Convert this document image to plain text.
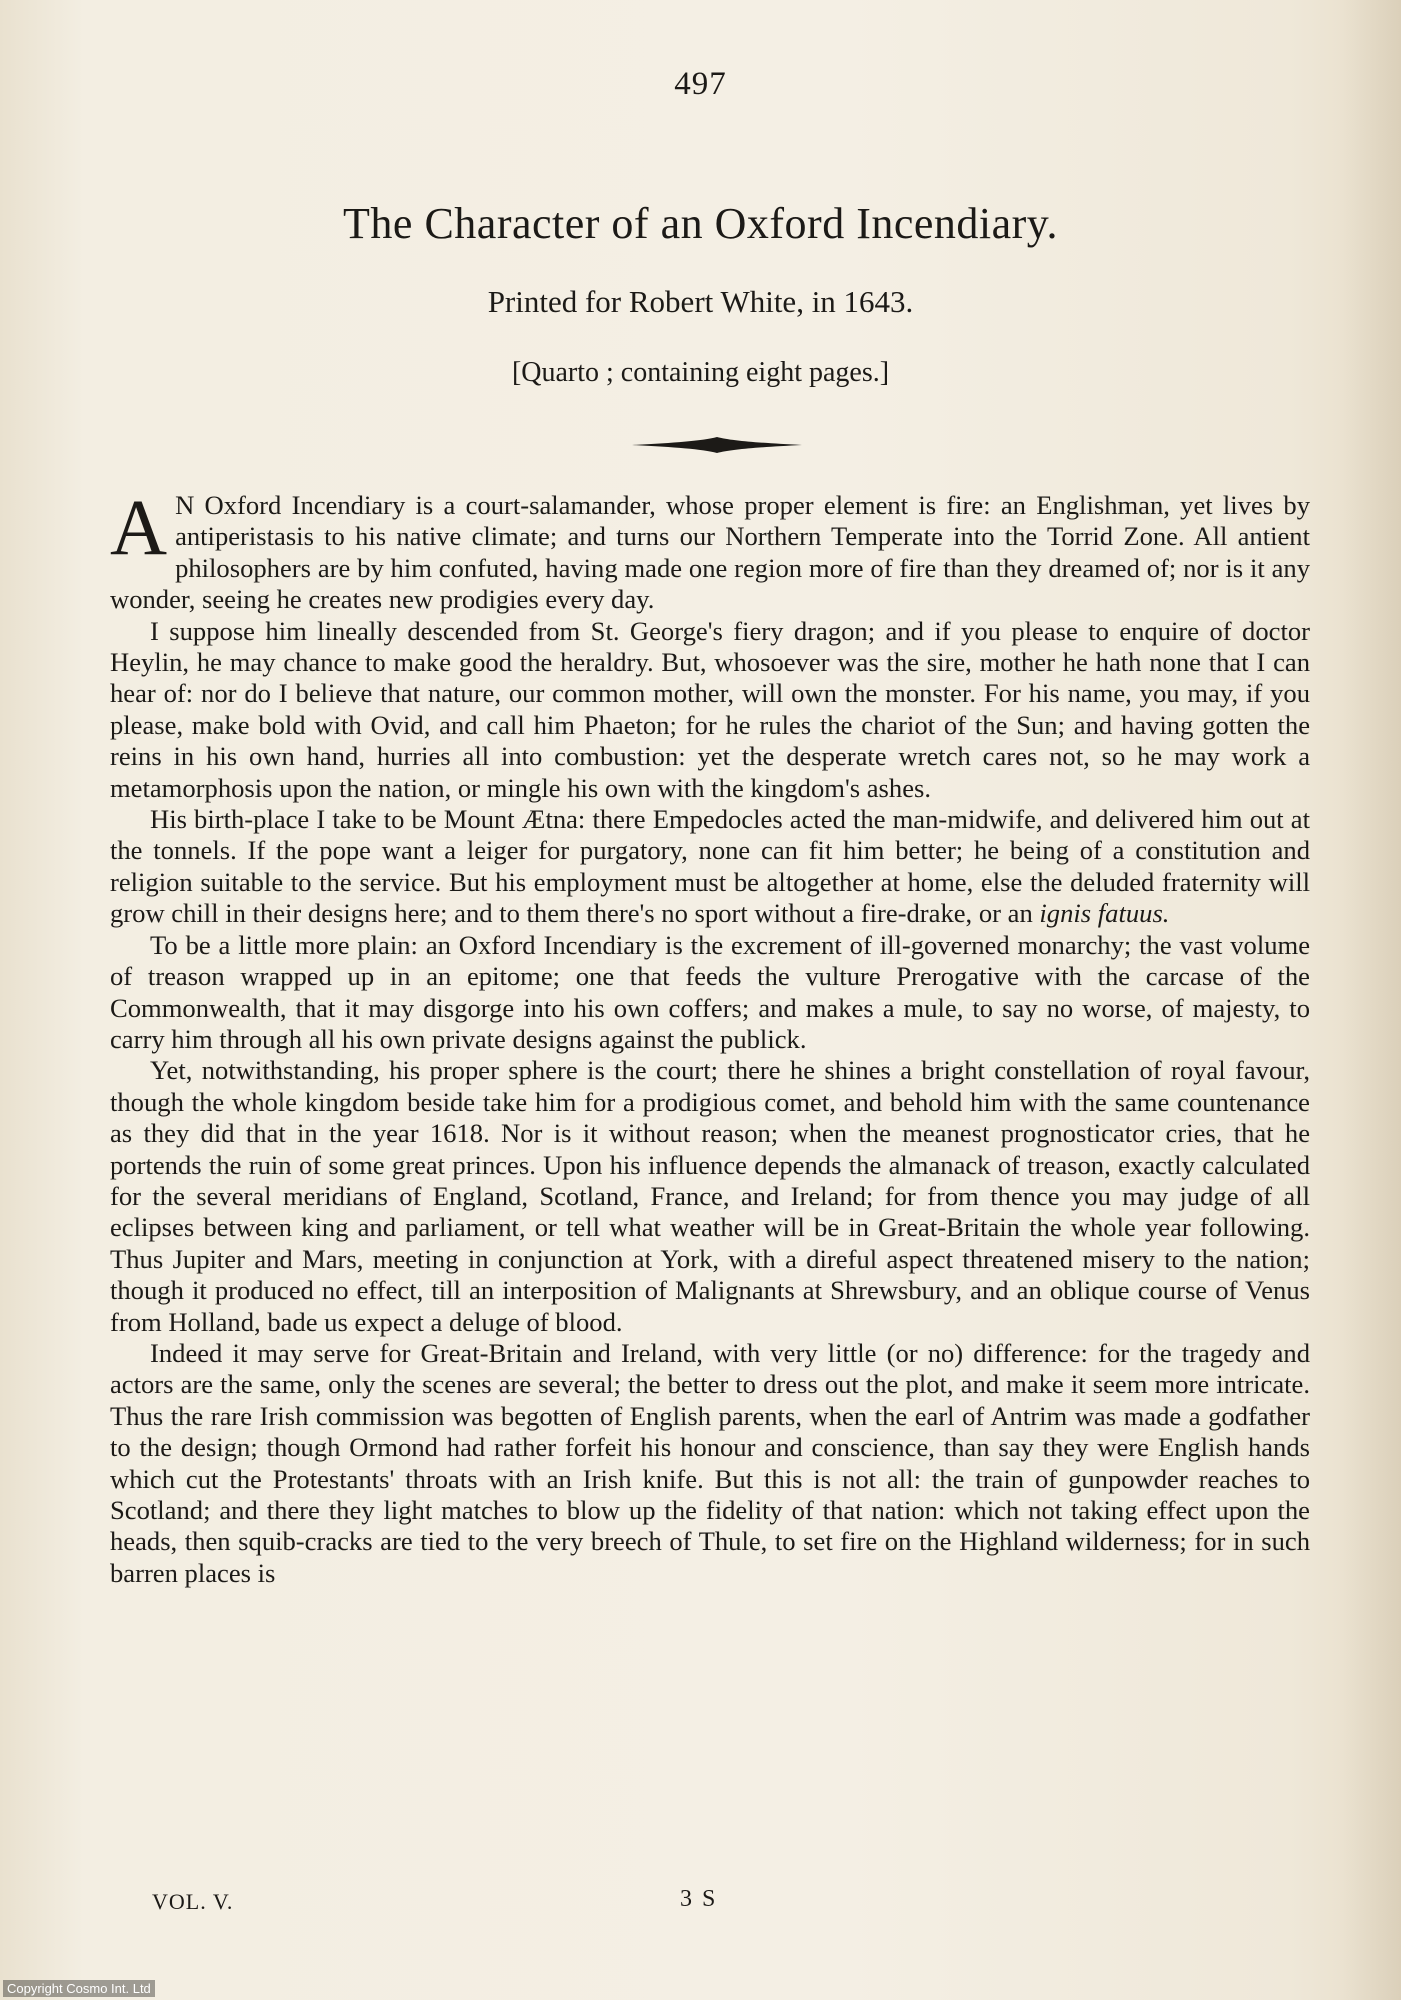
497
The Character of an Oxford Incendiary.
Printed for Robert White, in 1643.
[Quarto ; containing eight pages.]

A N Oxford Incendiary is a court-salamander, whose proper element is fire: an Englishman, yet lives by antiperistasis to his native climate; and turns our Northern Temperate into the Torrid Zone. All antient philosophers are by him confuted, having made one region more of fire than they dreamed of; nor is it any wonder, seeing he creates new prodigies every day.

I suppose him lineally descended from St. George's fiery dragon; and if you please to enquire of doctor Heylin, he may chance to make good the heraldry. But, whosoever was the sire, mother he hath none that I can hear of: nor do I believe that nature, our common mother, will own the monster. For his name, you may, if you please, make bold with Ovid, and call him Phaeton; for he rules the chariot of the Sun; and having gotten the reins in his own hand, hurries all into combustion: yet the desperate wretch cares not, so he may work a metamorphosis upon the nation, or mingle his own with the kingdom's ashes.

His birth-place I take to be Mount Ætna: there Empedocles acted the man-midwife, and delivered him out at the tonnels. If the pope want a leiger for purgatory, none can fit him better; he being of a constitution and religion suitable to the service. But his employment must be altogether at home, else the deluded fraternity will grow chill in their designs here; and to them there's no sport without a fire-drake, or an ignis fatuus.

To be a little more plain: an Oxford Incendiary is the excrement of ill-governed monarchy; the vast volume of treason wrapped up in an epitome; one that feeds the vulture Prerogative with the carcase of the Commonwealth, that it may disgorge into his own coffers; and makes a mule, to say no worse, of majesty, to carry him through all his own private designs against the publick.

Yet, notwithstanding, his proper sphere is the court; there he shines a bright constellation of royal favour, though the whole kingdom beside take him for a prodigious comet, and behold him with the same countenance as they did that in the year 1618. Nor is it without reason; when the meanest prognosticator cries, that he portends the ruin of some great princes. Upon his influence depends the almanack of treason, exactly calculated for the several meridians of England, Scotland, France, and Ireland; for from thence you may judge of all eclipses between king and parliament, or tell what weather will be in Great-Britain the whole year following. Thus Jupiter and Mars, meeting in conjunction at York, with a direful aspect threatened misery to the nation; though it produced no effect, till an interposition of Malignants at Shrewsbury, and an oblique course of Venus from Holland, bade us expect a deluge of blood.

Indeed it may serve for Great-Britain and Ireland, with very little (or no) difference: for the tragedy and actors are the same, only the scenes are several; the better to dress out the plot, and make it seem more intricate. Thus the rare Irish commission was begotten of English parents, when the earl of Antrim was made a godfather to the design; though Ormond had rather forfeit his honour and conscience, than say they were English hands which cut the Protestants' throats with an Irish knife. But this is not all: the train of gunpowder reaches to Scotland; and there they light matches to blow up the fidelity of that nation: which not taking effect upon the heads, then squib-cracks are tied to the very breech of Thule, to set fire on the Highland wilderness; for in such barren places is

VOL. V.	3 S
Copyright Cosmo Int. Ltd
